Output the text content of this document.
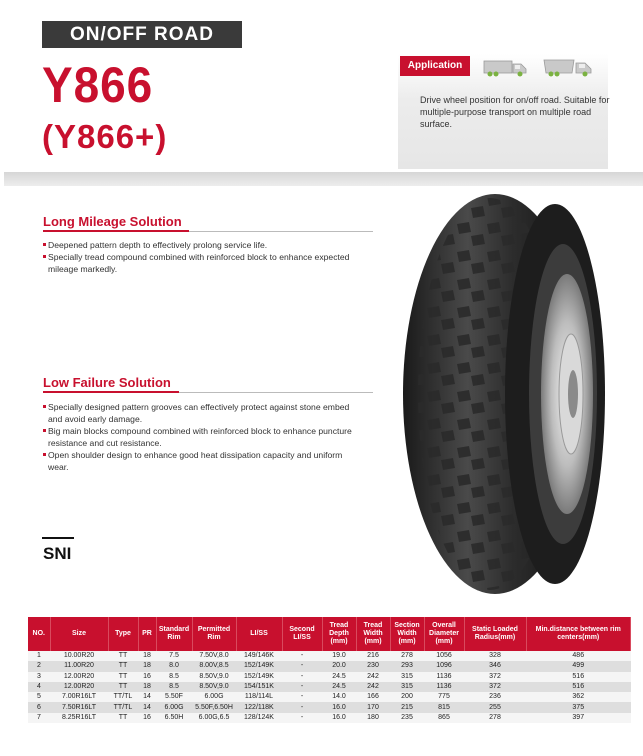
ON/OFF ROAD
Y866
(Y866+)
Application
Drive wheel position for on/off road. Suitable for multiple-purpose transport on multiple road surface.
Long Mileage Solution
Deepened pattern depth to effectively prolong service life.
Specially tread compound combined with reinforced block to enhance expected mileage markedly.
Low Failure Solution
Specially designed pattern grooves can effectively protect against stone embed and avoid early damage.
Big main blocks compound combined with reinforced block to enhance puncture resistance and cut resistance.
Open shoulder design to enhance good heat dissipation capacity and uniform wear.
SNI
NO.	Size	Type	PR	Standard Rim	Permitted Rim	LI/SS	Second LI/SS	Tread Depth (mm)	Tread Width (mm)	Section Width (mm)	Overall Diameter (mm)	Static Loaded Radius(mm)	Min.distance between rim centers(mm)
1	10.00R20	TT	18	7.5	7.50V,8.0	149/146K	-	19.0	216	278	1056	328	486
2	11.00R20	TT	18	8.0	8.00V,8.5	152/149K	-	20.0	230	293	1096	346	499
3	12.00R20	TT	16	8.5	8.50V,9.0	152/149K	-	24.5	242	315	1136	372	516
4	12.00R20	TT	18	8.5	8.50V,9.0	154/151K	-	24.5	242	315	1136	372	516
5	7.00R16LT	TT/TL	14	5.50F	6.00G	118/114L	-	14.0	166	200	775	236	362
6	7.50R16LT	TT/TL	14	6.00G	5.50F,6.50H	122/118K	-	16.0	170	215	815	255	375
7	8.25R16LT	TT	16	6.50H	6.00G,6.5	128/124K	-	16.0	180	235	865	278	397
